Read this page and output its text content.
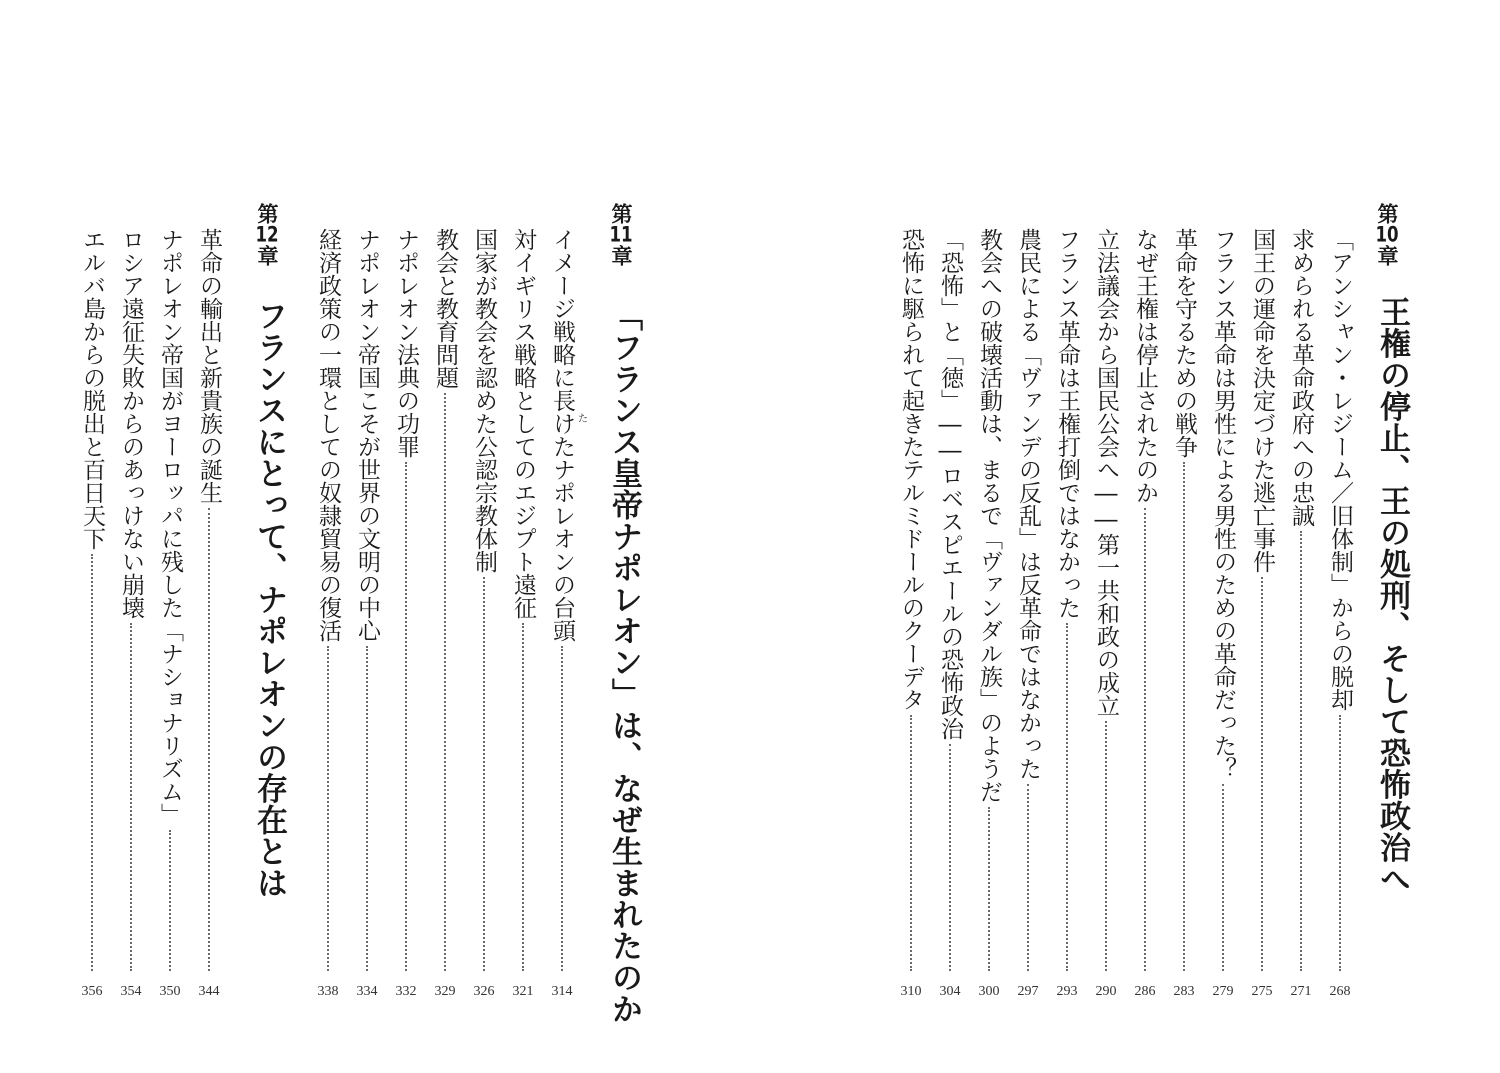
第10章
王権の停止、王の処刑、そして恐怖政治へ
「アンシャン・レジーム／旧体制」からの脱却
求められる革命政府への忠誠
国王の運命を決定づけた逃亡事件
フランス革命は男性による男性のための革命だった？
革命を守るための戦争
なぜ王権は停止されたのか
立法議会から国民公会へ――第一共和政の成立
フランス革命は王権打倒ではなかった
農民による「ヴァンデの反乱」は反革命ではなかった
教会への破壊活動は、まるで「ヴァンダル族」のようだ
「恐怖」と「徳」――ロベスピエールの恐怖政治
恐怖に駆られて起きたテルミドールのクーデタ
268
271
275
279
283
286
290
293
297
300
304
310
第11章
「フランス皇帝ナポレオン」は、なぜ生まれたのか
イメージ戦略に長けたナポレオンの台頭 た
対イギリス戦略としてのエジプト遠征
国家が教会を認めた公認宗教体制
教会と教育問題
ナポレオン法典の功罪
ナポレオン帝国こそが世界の文明の中心
経済政策の一環としての奴隷貿易の復活
314
321
326
329
332
334
338
第12章
フランスにとって、ナポレオンの存在とは
革命の輸出と新貴族の誕生
ナポレオン帝国がヨーロッパに残した「ナショナリズム」
ロシア遠征失敗からのあっけない崩壊
エルバ島からの脱出と百日天下
344
350
354
356
